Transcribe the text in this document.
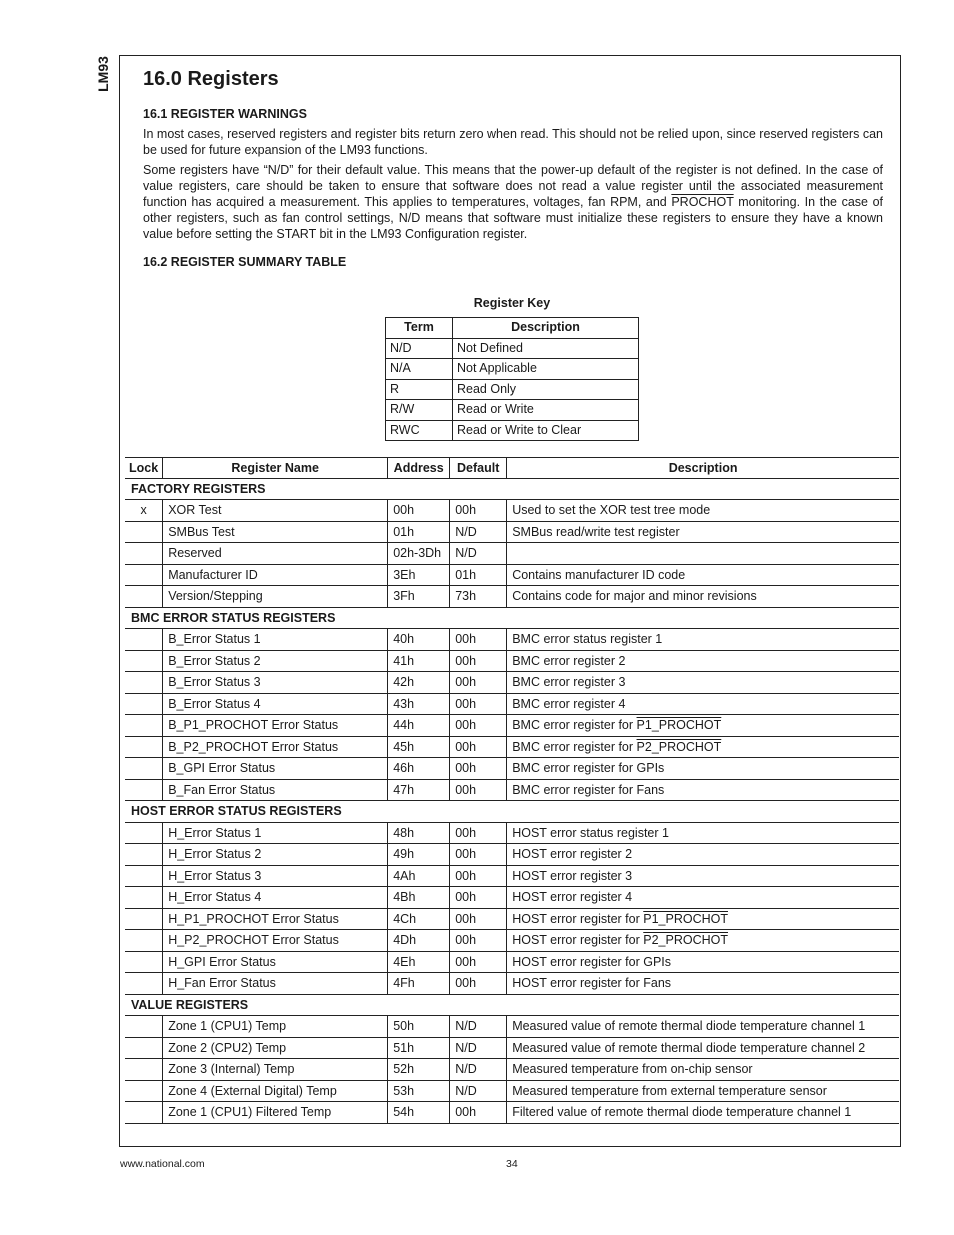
LM93 16.0 Registers
16.1 REGISTER WARNINGS

In most cases, reserved registers and register bits return zero when read. This should not be relied upon, since reserved registers can be used for future expansion of the LM93 functions.

Some registers have “N/D” for their default value. This means that the power-up default of the register is not defined. In the case of value registers, care should be taken to ensure that software does not read a value register until the associated measurement function has acquired a measurement. This applies to temperatures, voltages, fan RPM, and PROCHOT monitoring. In the case of other registers, such as fan control settings, N/D means that software must initialize these registers to ensure they have a known value before setting the START bit in the LM93 Configuration register.

16.2 REGISTER SUMMARY TABLE
Register Key
Term	Description
N/D	Not Defined
N/A	Not Applicable
R	Read Only
R/W	Read or Write
RWC	Read or Write to Clear
Lock	Register Name	Address	Default	Description
FACTORY REGISTERS				
x	XOR Test	00h	00h	Used to set the XOR test tree mode
	SMBus Test	01h	N/D	SMBus read/write test register
	Reserved	02h-3Dh	N/D	
	Manufacturer ID	3Eh	01h	Contains manufacturer ID code
	Version/Stepping	3Fh	73h	Contains code for major and minor revisions
BMC ERROR STATUS REGISTERS				
	B_Error Status 1	40h	00h	BMC error status register 1
	B_Error Status 2	41h	00h	BMC error register 2
	B_Error Status 3	42h	00h	BMC error register 3
	B_Error Status 4	43h	00h	BMC error register 4
	B_P1_PROCHOT Error Status	44h	00h	BMC error register for P1_PROCHOT
	B_P2_PROCHOT Error Status	45h	00h	BMC error register for P2_PROCHOT
	B_GPI Error Status	46h	00h	BMC error register for GPIs
	B_Fan Error Status	47h	00h	BMC error register for Fans
HOST ERROR STATUS REGISTERS				
	H_Error Status 1	48h	00h	HOST error status register 1
	H_Error Status 2	49h	00h	HOST error register 2
	H_Error Status 3	4Ah	00h	HOST error register 3
	H_Error Status 4	4Bh	00h	HOST error register 4
	H_P1_PROCHOT Error Status	4Ch	00h	HOST error register for P1_PROCHOT
	H_P2_PROCHOT Error Status	4Dh	00h	HOST error register for P2_PROCHOT
	H_GPI Error Status	4Eh	00h	HOST error register for GPIs
	H_Fan Error Status	4Fh	00h	HOST error register for Fans
VALUE REGISTERS				
	Zone 1 (CPU1) Temp	50h	N/D	Measured value of remote thermal diode temperature channel 1
	Zone 2 (CPU2) Temp	51h	N/D	Measured value of remote thermal diode temperature channel 2
	Zone 3 (Internal) Temp	52h	N/D	Measured temperature from on-chip sensor
	Zone 4 (External Digital) Temp	53h	N/D	Measured temperature from external temperature sensor
	Zone 1 (CPU1) Filtered Temp	54h	00h	Filtered value of remote thermal diode temperature channel 1
www.national.com	34
